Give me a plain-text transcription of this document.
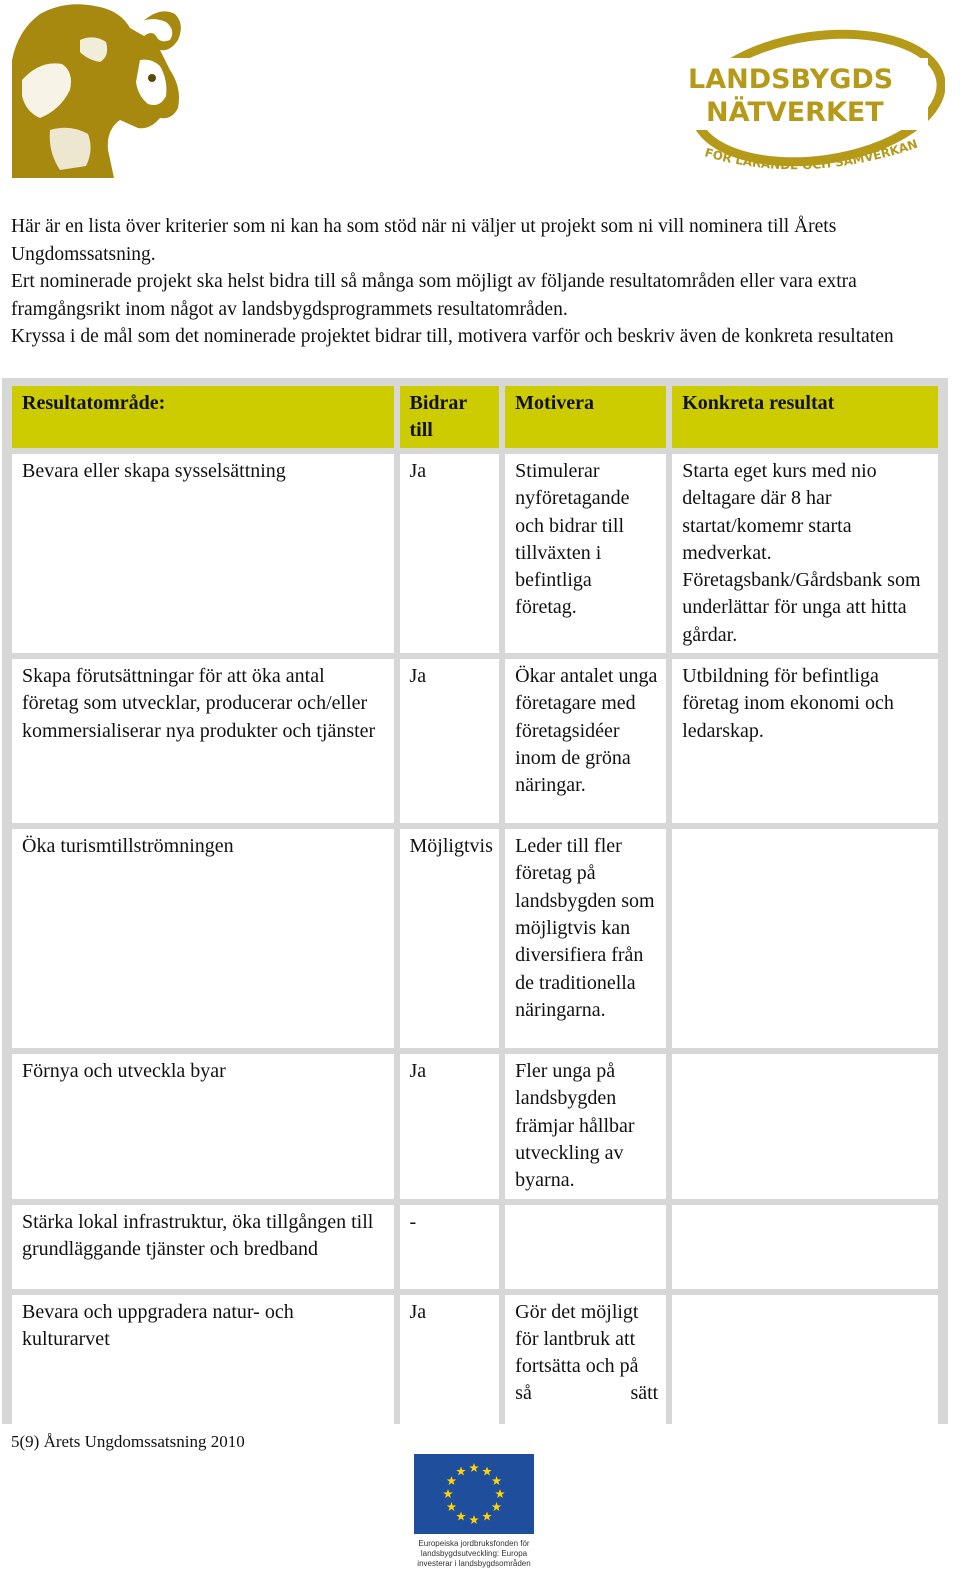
LANDSBYGDS
NÄTVERKET
FÖR LÄRANDE OCH SAMVERKAN

Här är en lista över kriterier som ni kan ha som stöd när ni väljer ut projekt som ni vill nominera till Årets Ungdomssatsning.

Ert nominerade projekt ska helst bidra till så många som möjligt av följande resultatområden eller vara extra framgångsrikt inom något av landsbygdsprogrammets resultatområden.

Kryssa i de mål som det nominerade projektet bidrar till, motivera varför och beskriv även de konkreta resultaten

Resultatområde:	Bidrar till	Motivera	Konkreta resultat

Bevara eller skapa sysselsättning	Ja	Stimulerar nyföretagande och bidrar till tillväxten i befintliga företag.	Starta eget kurs med nio deltagare där 8 har startat/komemr starta medverkat. Företagsbank/Gårdsbank som underlättar för unga att hitta gårdar.

Skapa förutsättningar för att öka antal företag som utvecklar, producerar och/eller kommersialiserar nya produkter och tjänster	Ja	Ökar antalet unga företagare med företagsidéer inom de gröna näringar.	Utbildning för befintliga företag inom ekonomi och ledarskap.

Öka turismtillströmningen	Möjligtvis	Leder till fler företag på landsbygden som möjligtvis kan diversifiera från de traditionella näringarna.	

Förnya och utveckla byar	Ja	Fler unga på landsbygden främjar hållbar utveckling av byarna.	

Stärka lokal infrastruktur, öka tillgången till grundläggande tjänster och bredband	-		

Bevara och uppgradera natur- och kulturarvet	Ja	Gör det möjligt för lantbruk att fortsätta och på så sätt	
5(9) Årets Ungdomssatsning 2010
Europeiska jordbruksfonden för
landsbygdsutveckling: Europa
investerar i landsbygdsområden
